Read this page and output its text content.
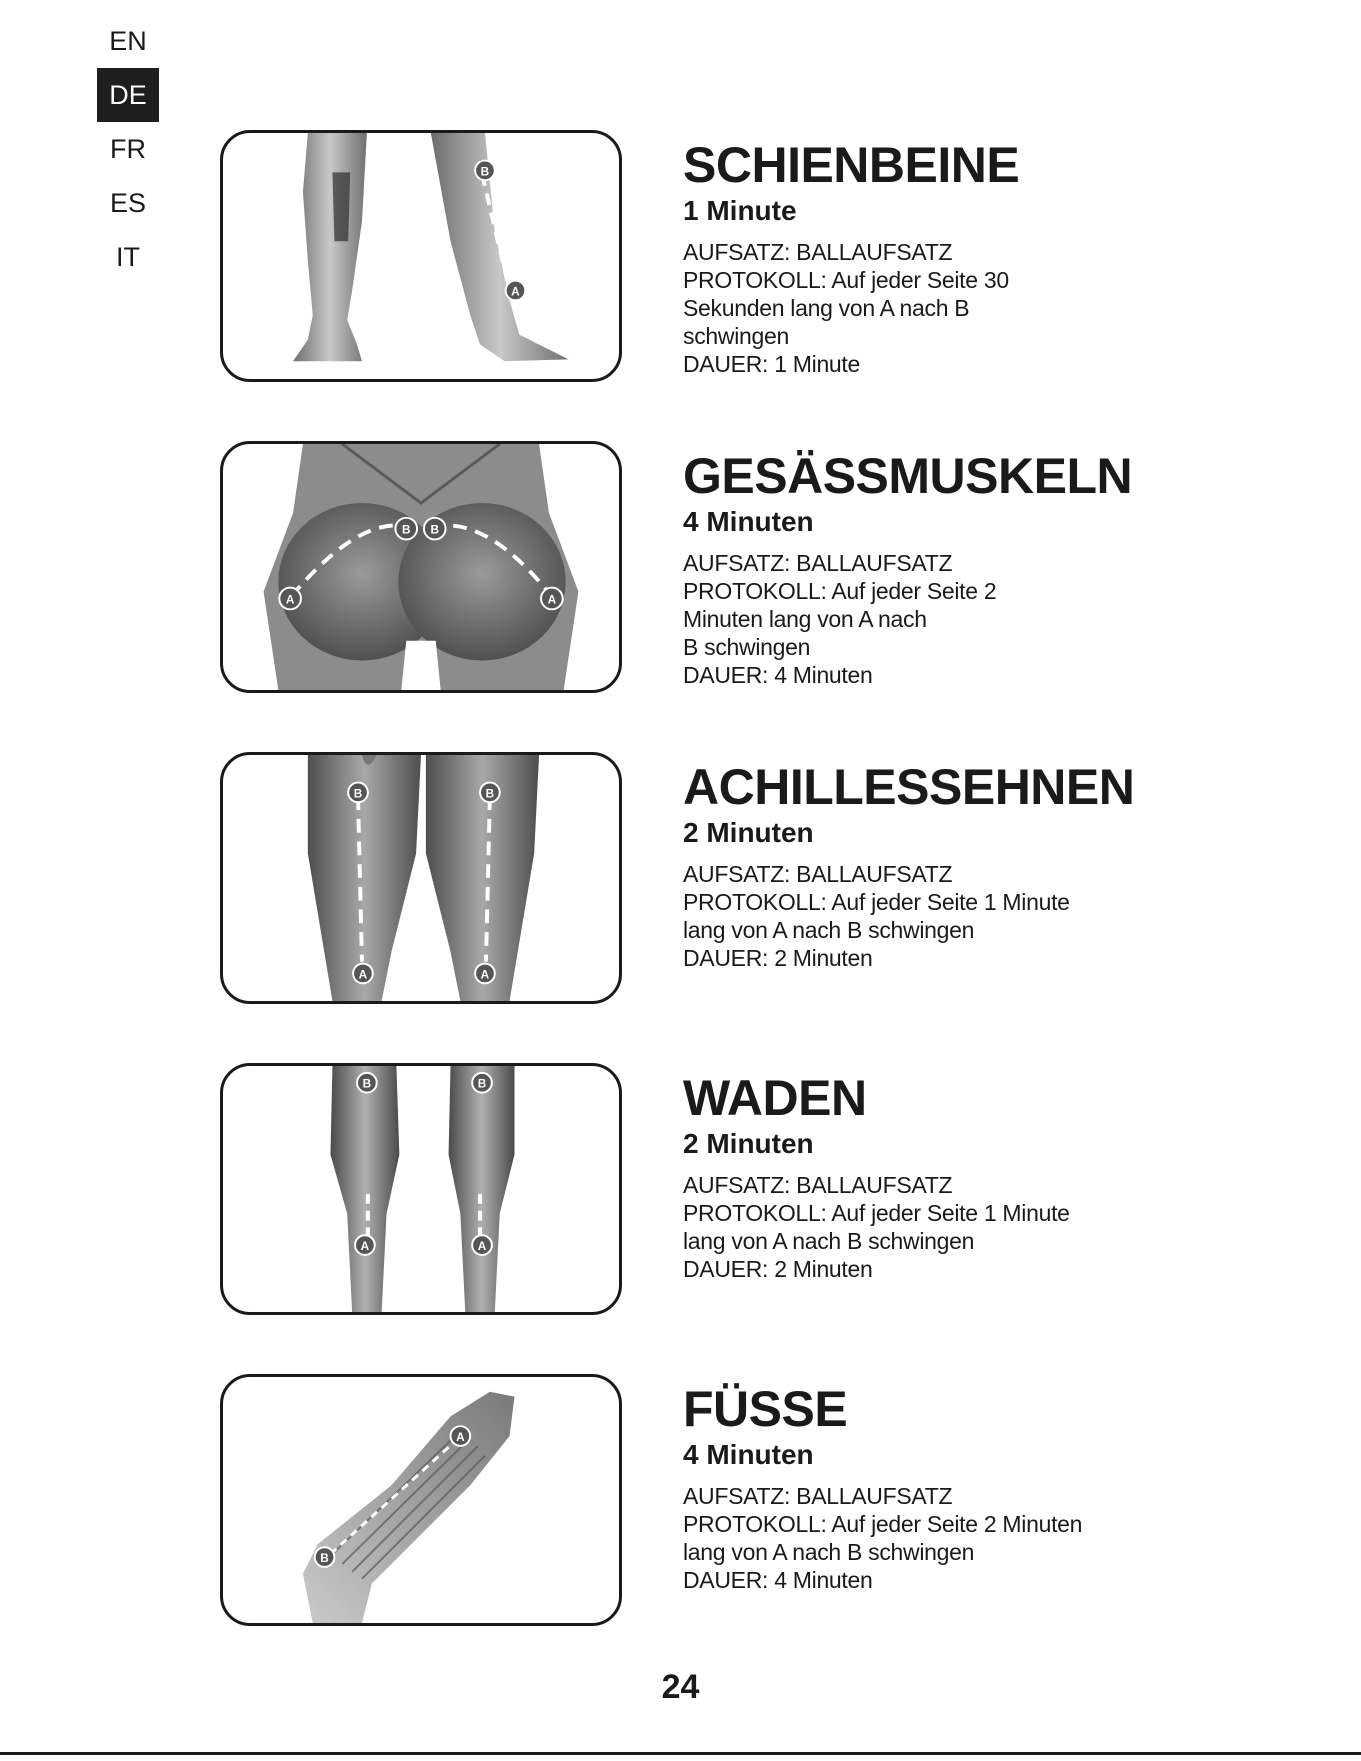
EN
DE
FR
ES
IT
B
A
SCHIENBEINE

1 Minute

AUFSATZ: BALLAUFSATZ

PROTOKOLL: Auf jeder Seite 30

Sekunden lang von A nach B

schwingen

DAUER: 1 Minute

B B
A	A
GESÄSSMUSKELN

4 Minuten

AUFSATZ: BALLAUFSATZ

PROTOKOLL: Auf jeder Seite 2

Minuten lang von A nach

B schwingen

DAUER: 4 Minuten

B	B
A	A
ACHILLESSEHNEN

2 Minuten

AUFSATZ: BALLAUFSATZ

PROTOKOLL: Auf jeder Seite 1 Minute

lang von A nach B schwingen

DAUER: 2 Minuten

B	B
A	A
WADEN

2 Minuten

AUFSATZ: BALLAUFSATZ

PROTOKOLL: Auf jeder Seite 1 Minute

lang von A nach B schwingen

DAUER: 2 Minuten

A
B
FÜSSE

4 Minuten

AUFSATZ: BALLAUFSATZ

PROTOKOLL: Auf jeder Seite 2 Minuten

lang von A nach B schwingen

DAUER: 4 Minuten

24
